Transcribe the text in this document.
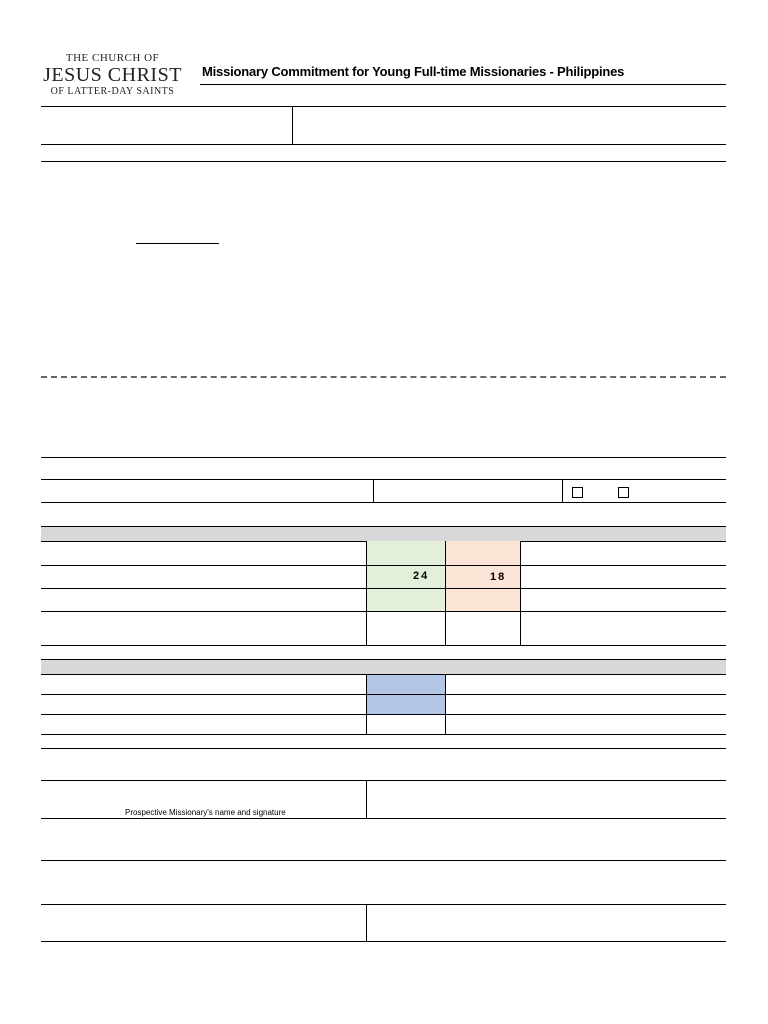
THE CHURCH OF
JESUS CHRIST
OF LATTER-DAY SAINTS
Missionary Commitment for Young Full-time Missionaries - Philippines
24	18
Prospective Missionary's name and signature
